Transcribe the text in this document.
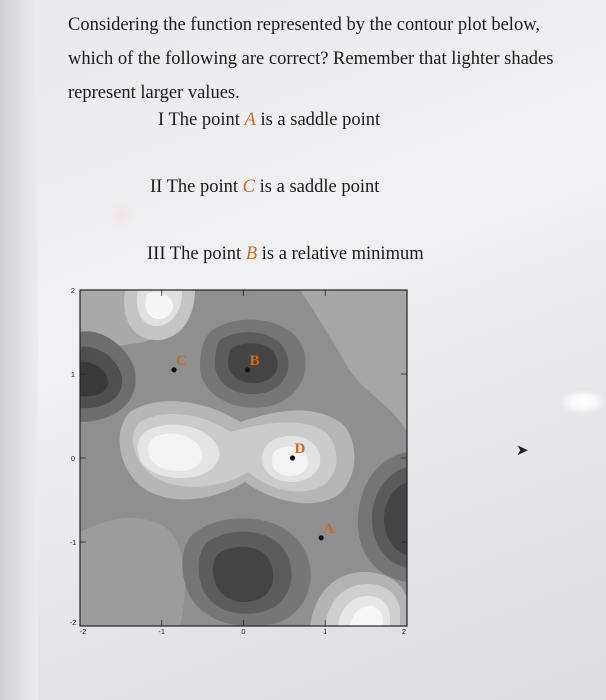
Considering the function represented by the contour plot below, which of the following are correct? Remember that lighter shades represent larger values.
I The point A is a saddle point
II The point C is a saddle point
III The point B is a relative minimum
2
1
0
-1
-2
-2	-1	0	1	2
C	B
D
A
➤
